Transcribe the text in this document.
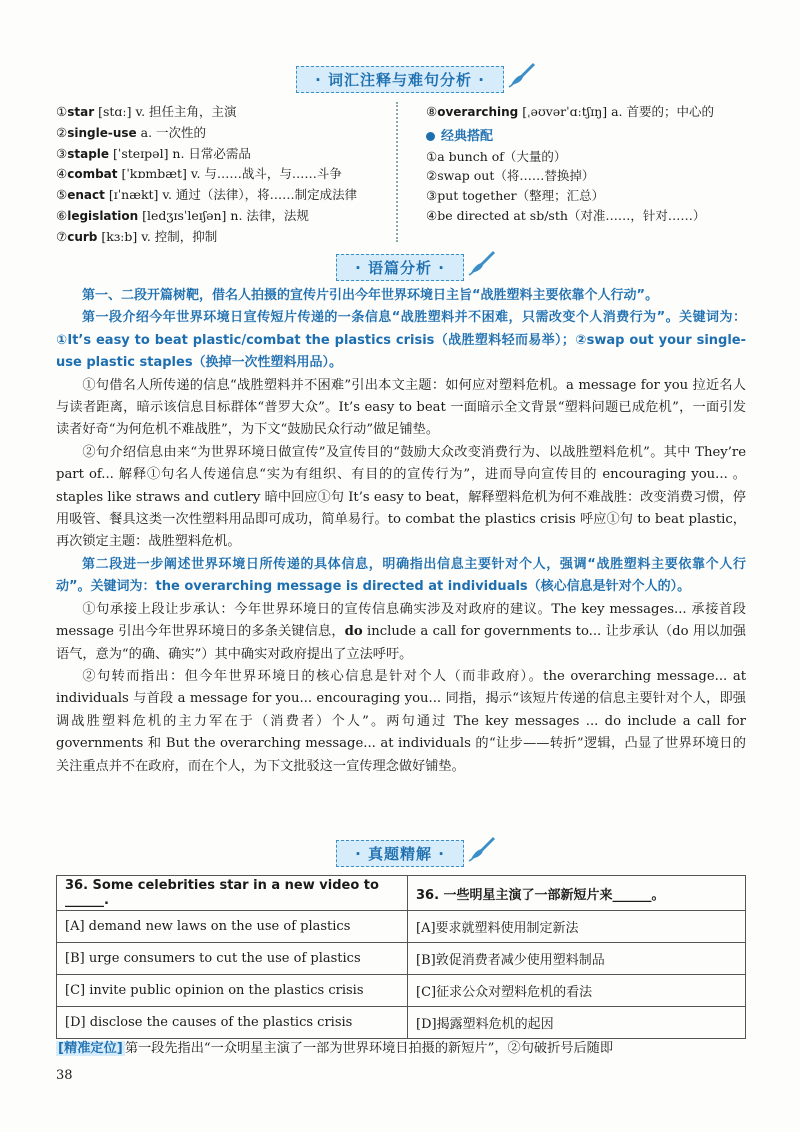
· 词汇注释与难句分析 ·
①star [stɑː] v. 担任主角，主演
②single-use a. 一次性的
③staple [ˈsteɪpəl] n. 日常必需品
④combat [ˈkɒmbæt] v. 与……战斗，与……斗争
⑤enact [ɪˈnækt] v. 通过（法律），将……制定成法律
⑥legislation [ledʒɪsˈleɪʃən] n. 法律，法规
⑦curb [kɜːb] v. 控制，抑制
⑧overarching [ˌəʊvərˈɑːtʃɪŋ] a. 首要的；中心的
经典搭配
①a bunch of（大量的）
②swap out（将……替换掉）
③put together（整理；汇总）
④be directed at sb/sth（对准……，针对……）
· 语篇分析 ·

第一、二段开篇树靶，借名人拍摄的宣传片引出今年世界环境日主旨“战胜塑料主要依靠个人行动”。

第一段介绍今年世界环境日宣传短片传递的一条信息“战胜塑料并不困难，只需改变个人消费行为”。关键词为：①It’s easy to beat plastic/combat the plastics crisis（战胜塑料轻而易举）；②swap out your single-use plastic staples（换掉一次性塑料用品）。

①句借名人所传递的信息“战胜塑料并不困难”引出本文主题：如何应对塑料危机。a message for you 拉近名人与读者距离，暗示该信息目标群体“普罗大众”。It’s easy to beat 一面暗示全文背景“塑料问题已成危机”，一面引发读者好奇“为何危机不难战胜”，为下文“鼓励民众行动”做足铺垫。

②句介绍信息由来“为世界环境日做宣传”及宣传目的“鼓励大众改变消费行为、以战胜塑料危机”。其中 They’re part of... 解释①句名人传递信息“实为有组织、有目的的宣传行为”，进而导向宣传目的 encouraging you... 。staples like straws and cutlery 暗中回应①句 It’s easy to beat，解释塑料危机为何不难战胜：改变消费习惯，停用吸管、餐具这类一次性塑料用品即可成功，简单易行。to combat the plastics crisis 呼应①句 to beat plastic，再次锁定主题：战胜塑料危机。

第二段进一步阐述世界环境日所传递的具体信息，明确指出信息主要针对个人，强调“战胜塑料主要依靠个人行动”。关键词为：the overarching message is directed at individuals（核心信息是针对个人的）。

①句承接上段让步承认：今年世界环境日的宣传信息确实涉及对政府的建议。The key messages... 承接首段 message 引出今年世界环境日的多条关键信息，do include a call for governments to... 让步承认（do 用以加强语气，意为“的确、确实”）其中确实对政府提出了立法呼吁。

②句转而指出：但今年世界环境日的核心信息是针对个人（而非政府）。the overarching message... at individuals 与首段 a message for you... encouraging you... 同指，揭示“该短片传递的信息主要针对个人，即强调战胜塑料危机的主力军在于（消费者）个人”。两句通过 The key messages ... do include a call for governments 和 But the overarching message... at individuals 的“让步——转折”逻辑，凸显了世界环境日的关注重点并不在政府，而在个人，为下文批驳这一宣传理念做好铺垫。

· 真题精解 ·
36. Some celebrities star in a new video to ______.	36. 一些明星主演了一部新短片来______。
[A] demand new laws on the use of plastics	[A]要求就塑料使用制定新法
[B] urge consumers to cut the use of plastics	[B]敦促消费者减少使用塑料制品
[C] invite public opinion on the plastics crisis	[C]征求公众对塑料危机的看法
[D] disclose the causes of the plastics crisis	[D]揭露塑料危机的起因
[精准定位] 第一段先指出“一众明星主演了一部为世界环境日拍摄的新短片”，②句破折号后随即
38
